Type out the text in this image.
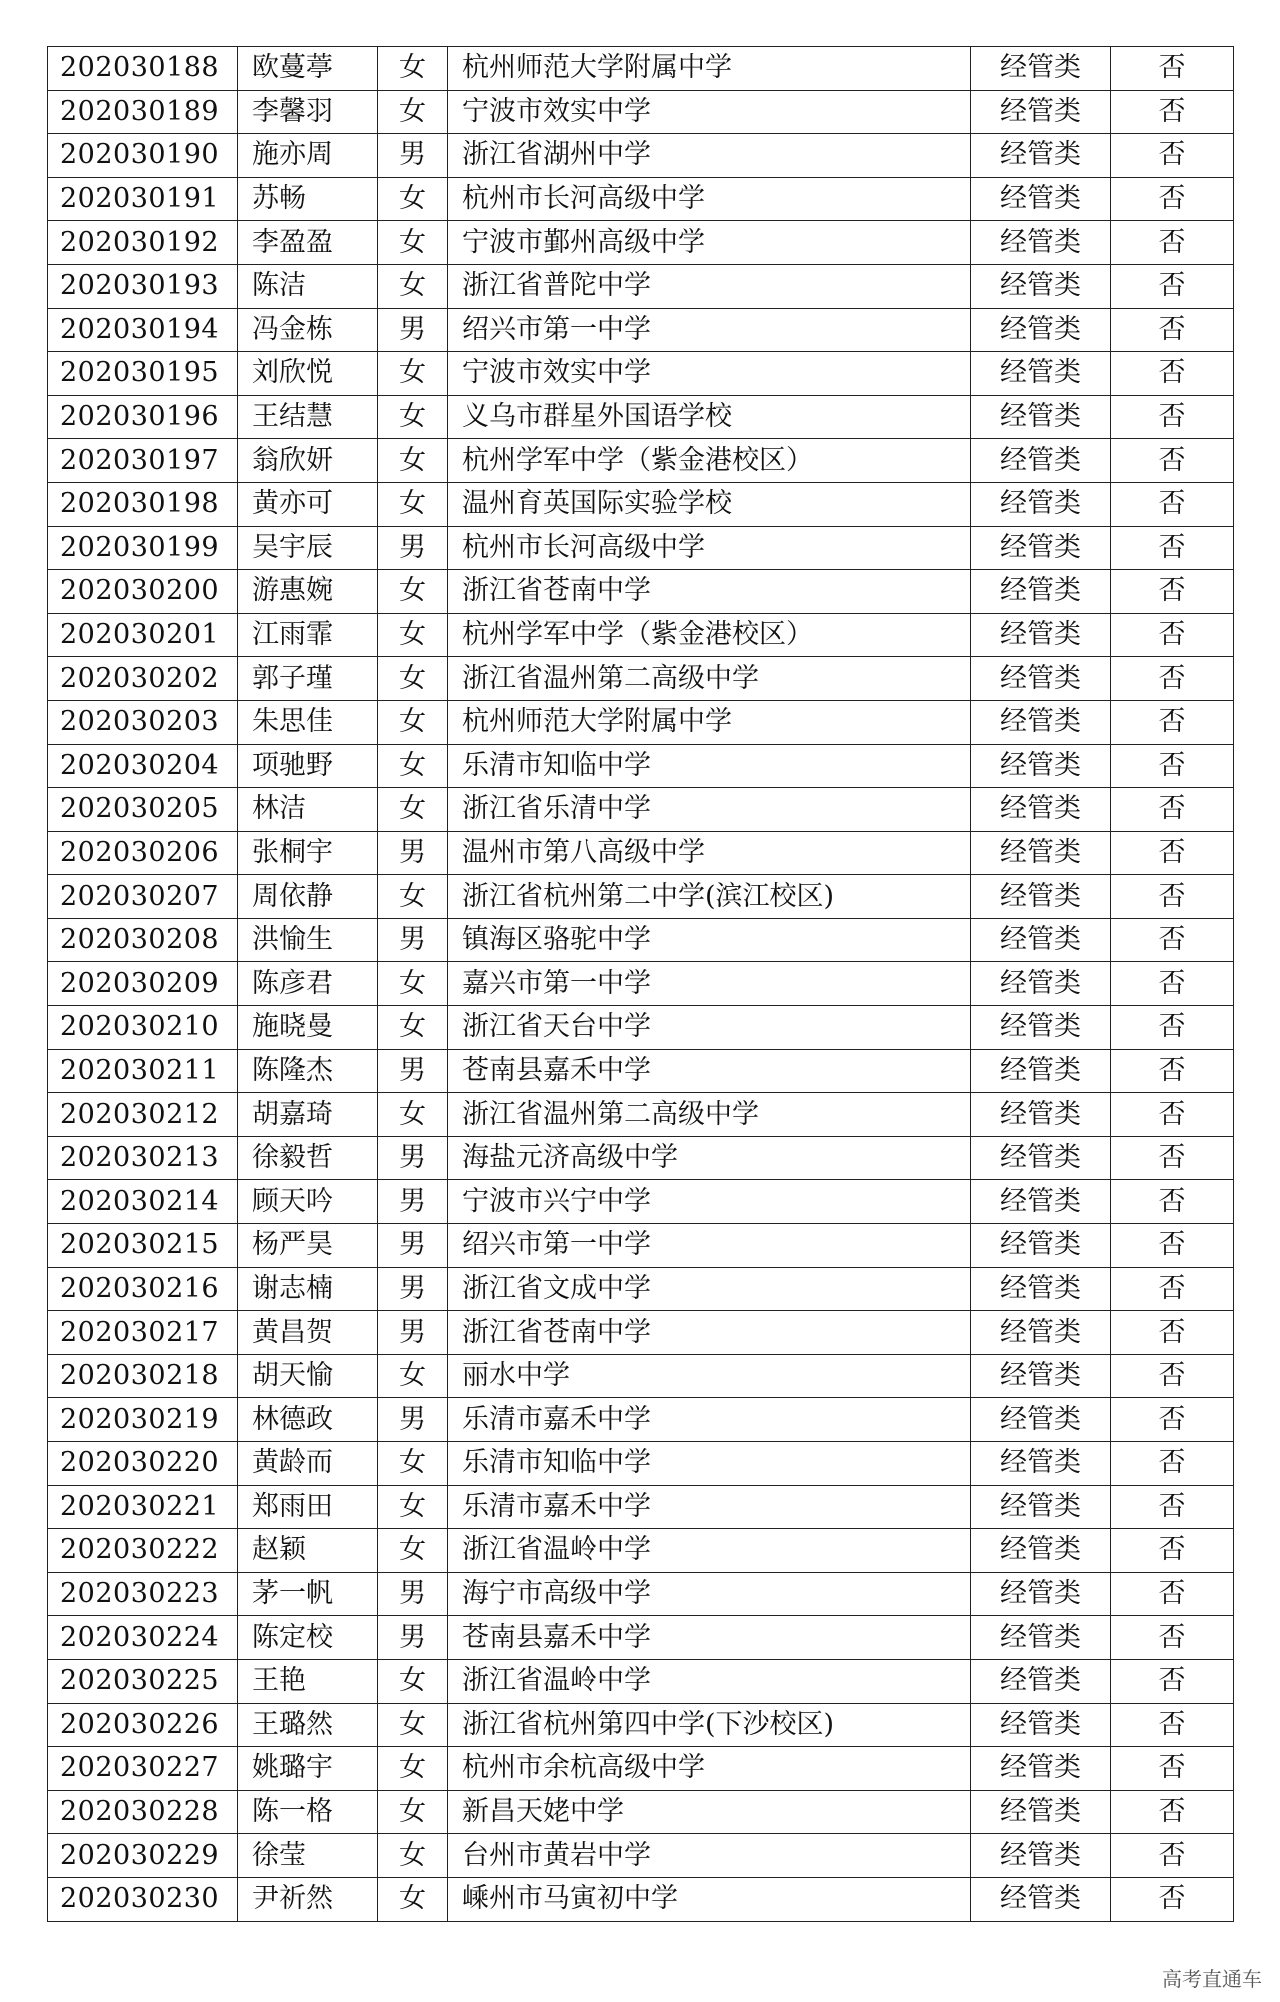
202030188	欧蔓葶	女	杭州师范大学附属中学	经管类	否
202030189	李馨羽	女	宁波市效实中学	经管类	否
202030190	施亦周	男	浙江省湖州中学	经管类	否
202030191	苏畅	女	杭州市长河高级中学	经管类	否
202030192	李盈盈	女	宁波市鄞州高级中学	经管类	否
202030193	陈洁	女	浙江省普陀中学	经管类	否
202030194	冯金栋	男	绍兴市第一中学	经管类	否
202030195	刘欣悦	女	宁波市效实中学	经管类	否
202030196	王结慧	女	义乌市群星外国语学校	经管类	否
202030197	翁欣妍	女	杭州学军中学（紫金港校区）	经管类	否
202030198	黄亦可	女	温州育英国际实验学校	经管类	否
202030199	吴宇辰	男	杭州市长河高级中学	经管类	否
202030200	游惠婉	女	浙江省苍南中学	经管类	否
202030201	江雨霏	女	杭州学军中学（紫金港校区）	经管类	否
202030202	郭子瑾	女	浙江省温州第二高级中学	经管类	否
202030203	朱思佳	女	杭州师范大学附属中学	经管类	否
202030204	项驰野	女	乐清市知临中学	经管类	否
202030205	林洁	女	浙江省乐清中学	经管类	否
202030206	张桐宇	男	温州市第八高级中学	经管类	否
202030207	周依静	女	浙江省杭州第二中学(滨江校区)	经管类	否
202030208	洪愉生	男	镇海区骆驼中学	经管类	否
202030209	陈彦君	女	嘉兴市第一中学	经管类	否
202030210	施晓曼	女	浙江省天台中学	经管类	否
202030211	陈隆杰	男	苍南县嘉禾中学	经管类	否
202030212	胡嘉琦	女	浙江省温州第二高级中学	经管类	否
202030213	徐毅哲	男	海盐元济高级中学	经管类	否
202030214	顾天吟	男	宁波市兴宁中学	经管类	否
202030215	杨严昊	男	绍兴市第一中学	经管类	否
202030216	谢志楠	男	浙江省文成中学	经管类	否
202030217	黄昌贺	男	浙江省苍南中学	经管类	否
202030218	胡天愉	女	丽水中学	经管类	否
202030219	林德政	男	乐清市嘉禾中学	经管类	否
202030220	黄龄而	女	乐清市知临中学	经管类	否
202030221	郑雨田	女	乐清市嘉禾中学	经管类	否
202030222	赵颖	女	浙江省温岭中学	经管类	否
202030223	茅一帆	男	海宁市高级中学	经管类	否
202030224	陈定校	男	苍南县嘉禾中学	经管类	否
202030225	王艳	女	浙江省温岭中学	经管类	否
202030226	王璐然	女	浙江省杭州第四中学(下沙校区)	经管类	否
202030227	姚璐宇	女	杭州市余杭高级中学	经管类	否
202030228	陈一格	女	新昌天姥中学	经管类	否
202030229	徐莹	女	台州市黄岩中学	经管类	否
202030230	尹祈然	女	嵊州市马寅初中学	经管类	否
高考直通车
